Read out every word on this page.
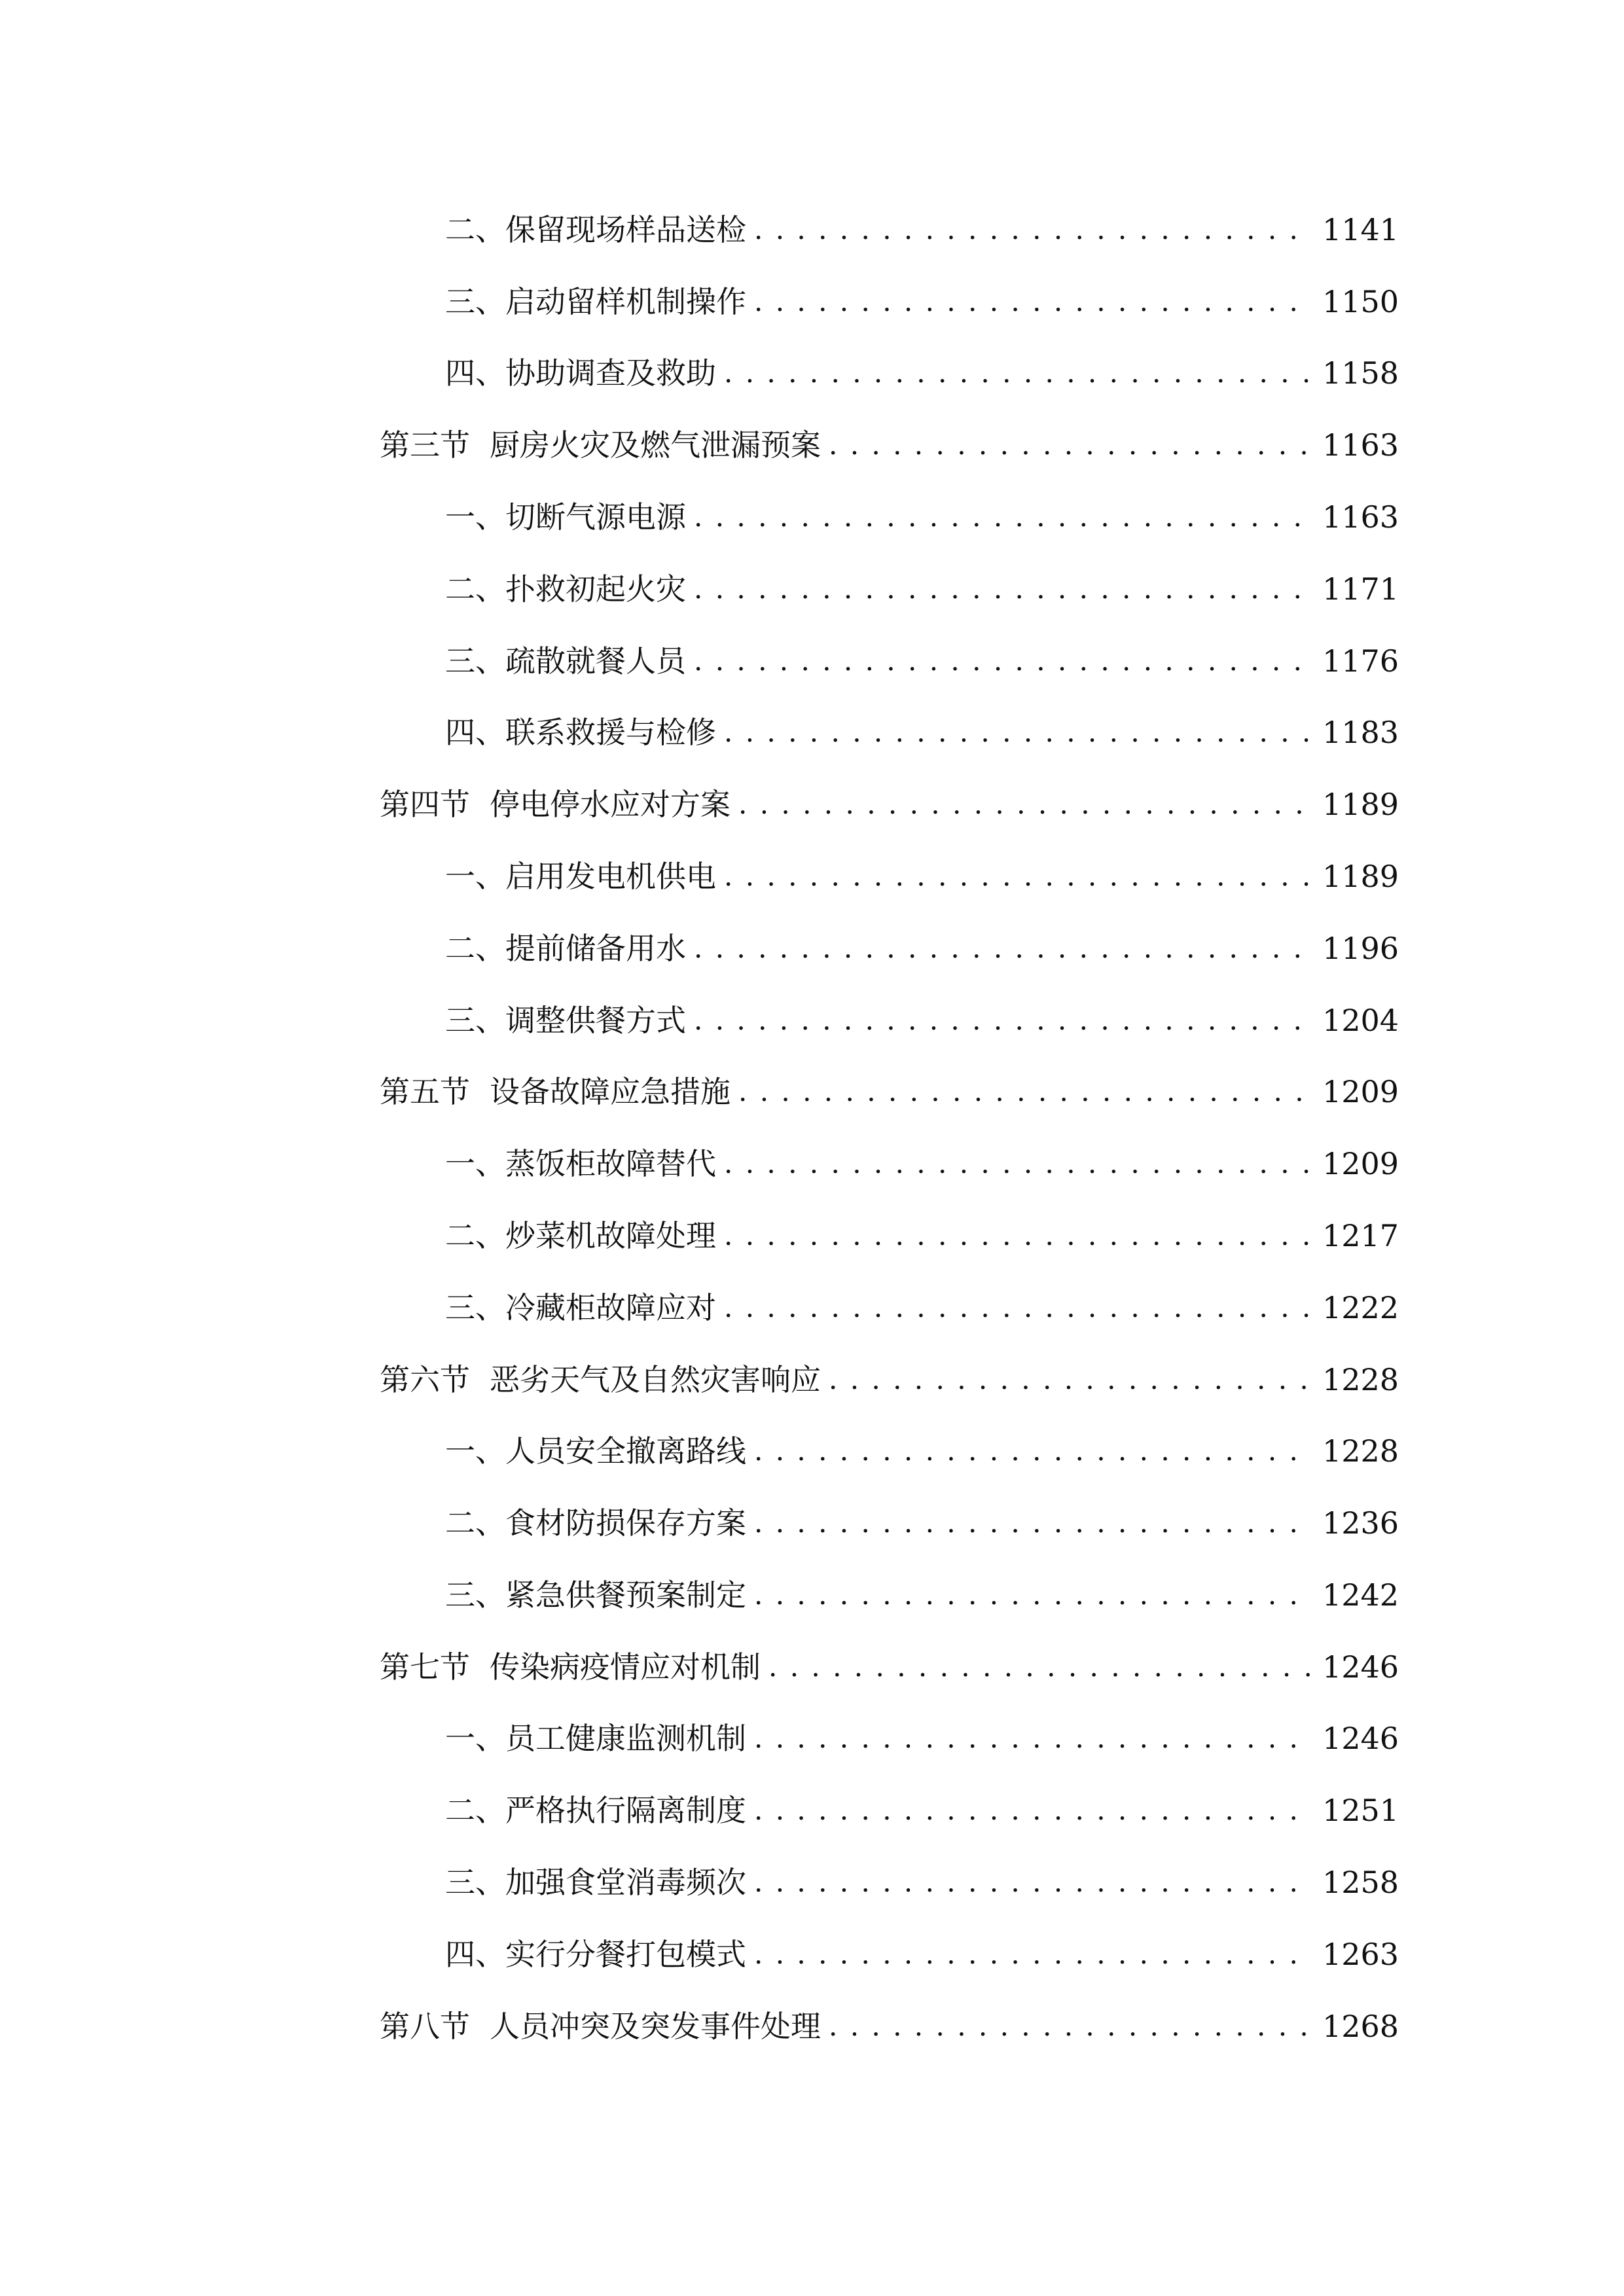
二、 保留现场样品送检 . . .	1141
三、 启动留样机制操作 . . .	1150
四、 协助调查及救助 . . .	1158
第三节 厨房火灾及燃气泄漏预案 . . .	1163
一、 切断气源电源 . . .	1163
二、 扑救初起火灾 . . .	1171
三、 疏散就餐人员 . . .	1176
四、 联系救援与检修 . . .	1183
第四节 停电停水应对方案 . . .	1189
一、 启用发电机供电 . . .	1189
二、 提前储备用水 . . .	1196
三、 调整供餐方式 . . .	1204
第五节 设备故障应急措施 . . .	1209
一、 蒸饭柜故障替代 . . .	1209
二、 炒菜机故障处理 . . .	1217
三、 冷藏柜故障应对 . . .	1222
第六节 恶劣天气及自然灾害响应 . . .	1228
一、 人员安全撤离路线 . . .	1228
二、 食材防损保存方案 . . .	1236
三、 紧急供餐预案制定 . . .	1242
第七节 传染病疫情应对机制 . . .	1246
一、 员工健康监测机制 . . .	1246
二、 严格执行隔离制度 . . .	1251
三、 加强食堂消毒频次 . . .	1258
四、 实行分餐打包模式 . . .	1263
第八节 人员冲突及突发事件处理 . . .	1268
